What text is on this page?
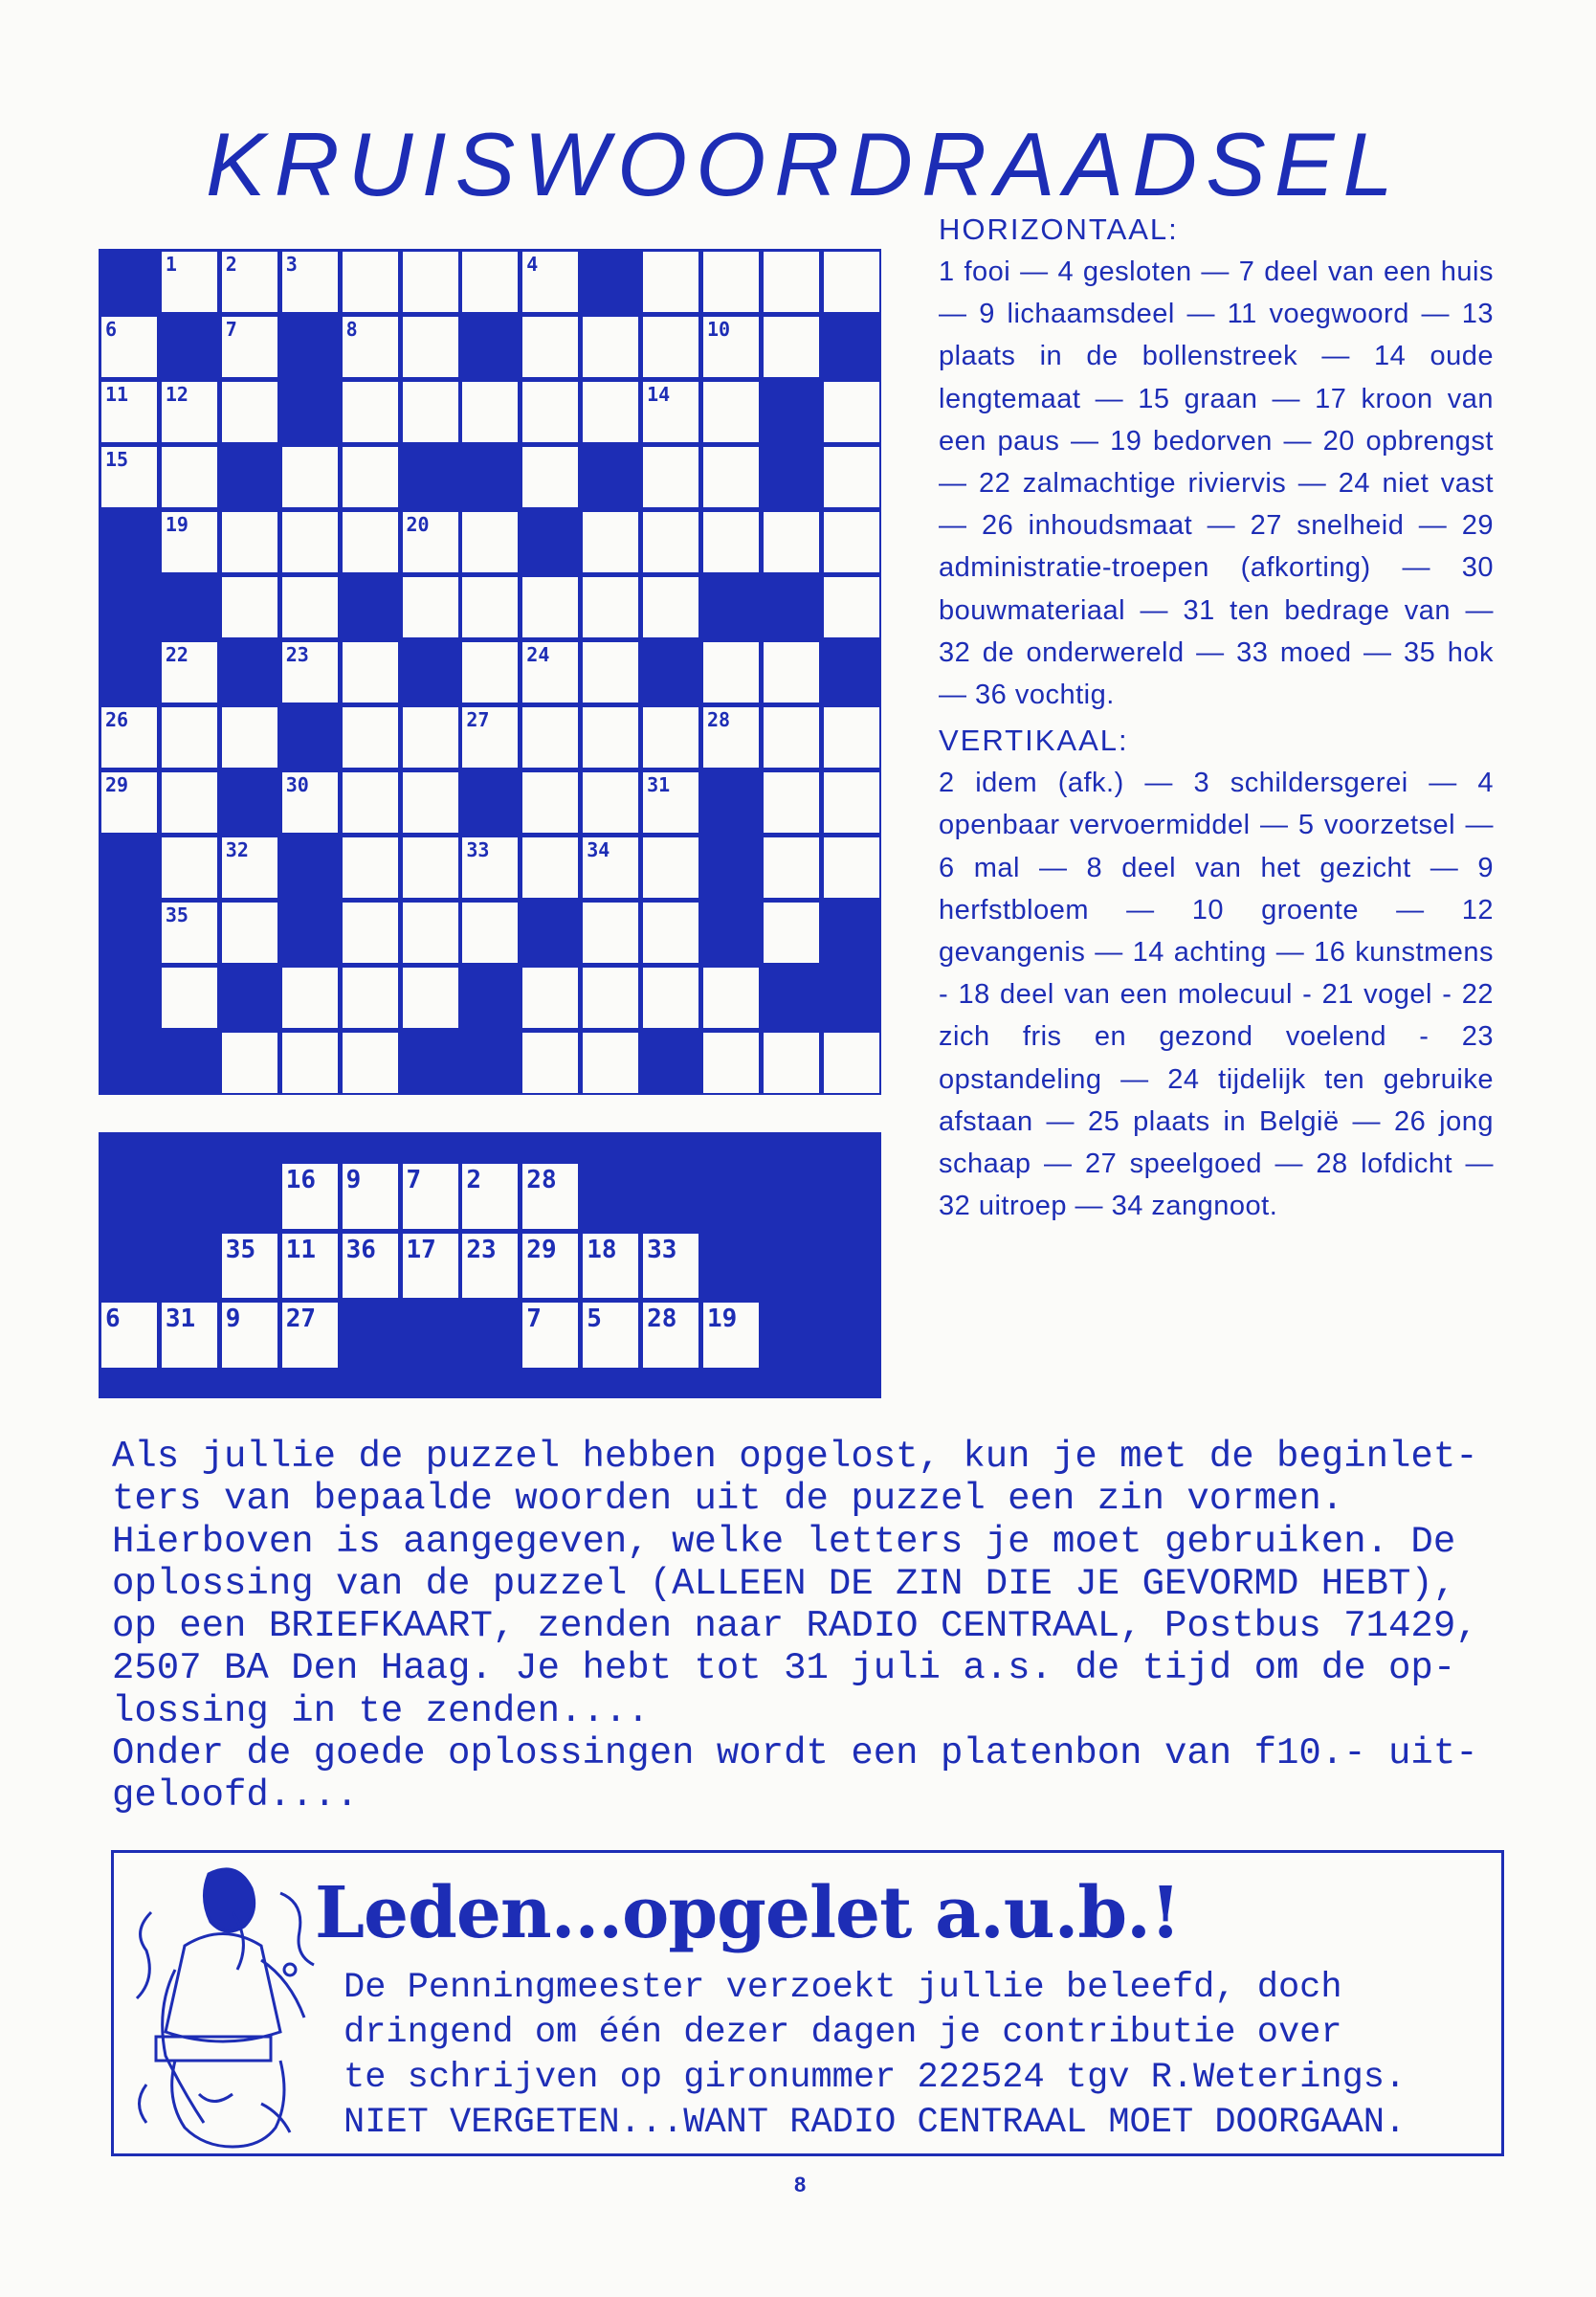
KRUISWOORDRAADSEL
1	2	3	4
6	7	8	10
11 12	14
15
19	20
22	23	24
26	27	28
29	30	31
32	33	34
35
16 9 7 2 28
35 11 36 17 23 29 18 33
6 31 9 27	7 5 28 19
HORIZONTAAL:

1 fooi — 4 gesloten — 7 deel van een huis — 9 lichaamsdeel — 11 voegwoord — 13 plaats in de bollenstreek — 14 oude lengtemaat — 15 graan — 17 kroon van een paus — 19 bedorven — 20 opbrengst — 22 zalmachtige riviervis — 24 niet vast — 26 inhoudsmaat — 27 snelheid — 29 administratie-troepen (afkorting) — 30 bouwmateriaal — 31 ten bedrage van — 32 de onderwereld — 33 moed — 35 hok — 36 vochtig.

VERTIKAAL:

2 idem (afk.) — 3 schildersgerei — 4 openbaar vervoermiddel — 5 voorzetsel — 6 mal — 8 deel van het gezicht — 9 herfstbloem — 10 groente — 12 gevangenis — 14 achting — 16 kunstmens - 18 deel van een molecuul - 21 vogel - 22 zich fris en gezond voelend - 23 opstandeling — 24 tijdelijk ten gebruike afstaan — 25 plaats in België — 26 jong schaap — 27 speelgoed — 28 lofdicht — 32 uitroep — 34 zangnoot.

Als jullie de puzzel hebben opgelost, kun je met de beginlet-

ters van bepaalde woorden uit de puzzel een zin vormen.

Hierboven is aangegeven, welke letters je moet gebruiken. De

oplossing van de puzzel (ALLEEN DE ZIN DIE JE GEVORMD HEBT),

op een BRIEFKAART, zenden naar RADIO CENTRAAL, Postbus 71429,

2507 BA Den Haag. Je hebt tot 31 juli a.s. de tijd om de op-

lossing in te zenden....

Onder de goede oplossingen wordt een platenbon van f10.- uit-

geloofd....

Leden...opgelet a.u.b.!

De Penningmeester verzoekt jullie beleefd, doch

dringend om één dezer dagen je contributie over

te schrijven op gironummer 222524 tgv R.Weterings.

NIET VERGETEN...WANT RADIO CENTRAAL MOET DOORGAAN.

8
